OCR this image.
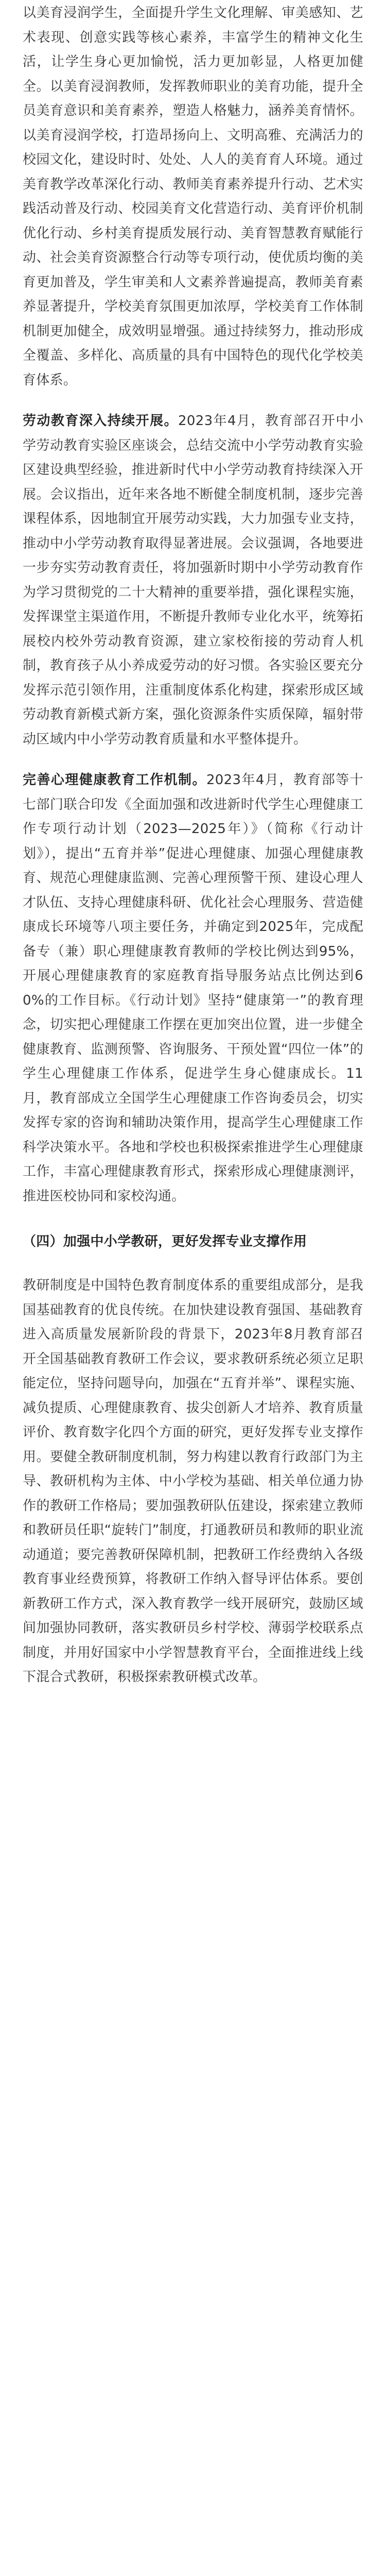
以美育浸润学生，全面提升学生文化理解、审美感知、艺术表现、创意实践等核心素养，丰富学生的精神文化生活，让学生身心更加愉悦，活力更加彰显，人格更加健全。以美育浸润教师，发挥教师职业的美育功能，提升全员美育意识和美育素养，塑造人格魅力，涵养美育情怀。以美育浸润学校，打造昂扬向上、文明高雅、充满活力的校园文化，建设时时、处处、人人的美育育人环境。通过美育教学改革深化行动、教师美育素养提升行动、艺术实践活动普及行动、校园美育文化营造行动、美育评价机制优化行动、乡村美育提质发展行动、美育智慧教育赋能行动、社会美育资源整合行动等专项行动，使优质均衡的美育更加普及，学生审美和人文素养普遍提高，教师美育素养显著提升，学校美育氛围更加浓厚，学校美育工作体制机制更加健全，成效明显增强。通过持续努力，推动形成全覆盖、多样化、高质量的具有中国特色的现代化学校美育体系。

劳动教育深入持续开展。2023年4月，教育部召开中小学劳动教育实验区座谈会，总结交流中小学劳动教育实验区建设典型经验，推进新时代中小学劳动教育持续深入开展。会议指出，近年来各地不断健全制度机制，逐步完善课程体系，因地制宜开展劳动实践，大力加强专业支持，推动中小学劳动教育取得显著进展。会议强调，各地要进一步夯实劳动教育责任，将加强新时期中小学劳动教育作为学习贯彻党的二十大精神的重要举措，强化课程实施，发挥课堂主渠道作用，不断提升教师专业化水平，统筹拓展校内校外劳动教育资源，建立家校衔接的劳动育人机制，教育孩子从小养成爱劳动的好习惯。各实验区要充分发挥示范引领作用，注重制度体系化构建，探索形成区域劳动教育新模式新方案，强化资源条件实质保障，辐射带动区域内中小学劳动教育质量和水平整体提升。

完善心理健康教育工作机制。2023年4月，教育部等十七部门联合印发《全面加强和改进新时代学生心理健康工作专项行动计划（2023—2025年）》（简称《行动计划》），提出“五育并举”促进心理健康、加强心理健康教育、规范心理健康监测、完善心理预警干预、建设心理人才队伍、支持心理健康科研、优化社会心理服务、营造健康成长环境等八项主要任务，并确定到2025年，完成配备专（兼）职心理健康教育教师的学校比例达到95%，开展心理健康教育的家庭教育指导服务站点比例达到60%的工作目标。《行动计划》坚持“健康第一”的教育理念，切实把心理健康工作摆在更加突出位置，进一步健全健康教育、监测预警、咨询服务、干预处置“四位一体”的学生心理健康工作体系，促进学生身心健康成长。11月，教育部成立全国学生心理健康工作咨询委员会，切实发挥专家的咨询和辅助决策作用，提高学生心理健康工作科学决策水平。各地和学校也积极探索推进学生心理健康工作，丰富心理健康教育形式，探索形成心理健康测评，推进医校协同和家校沟通。

（四）加强中小学教研，更好发挥专业支撑作用

教研制度是中国特色教育制度体系的重要组成部分，是我国基础教育的优良传统。在加快建设教育强国、基础教育进入高质量发展新阶段的背景下，2023年8月教育部召开全国基础教育教研工作会议，要求教研系统必须立足职能定位，坚持问题导向，加强在“五育并举”、课程实施、减负提质、心理健康教育、拔尖创新人才培养、教育质量评价、教育数字化四个方面的研究，更好发挥专业支撑作用。要健全教研制度机制，努力构建以教育行政部门为主导、教研机构为主体、中小学校为基础、相关单位通力协作的教研工作格局；要加强教研队伍建设，探索建立教师和教研员任职“旋转门”制度，打通教研员和教师的职业流动通道；要完善教研保障机制，把教研工作经费纳入各级教育事业经费预算，将教研工作纳入督导评估体系。要创新教研工作方式，深入教育教学一线开展研究，鼓励区域间加强协同教研，落实教研员乡村学校、薄弱学校联系点制度，并用好国家中小学智慧教育平台，全面推进线上线下混合式教研，积极探索教研模式改革。
